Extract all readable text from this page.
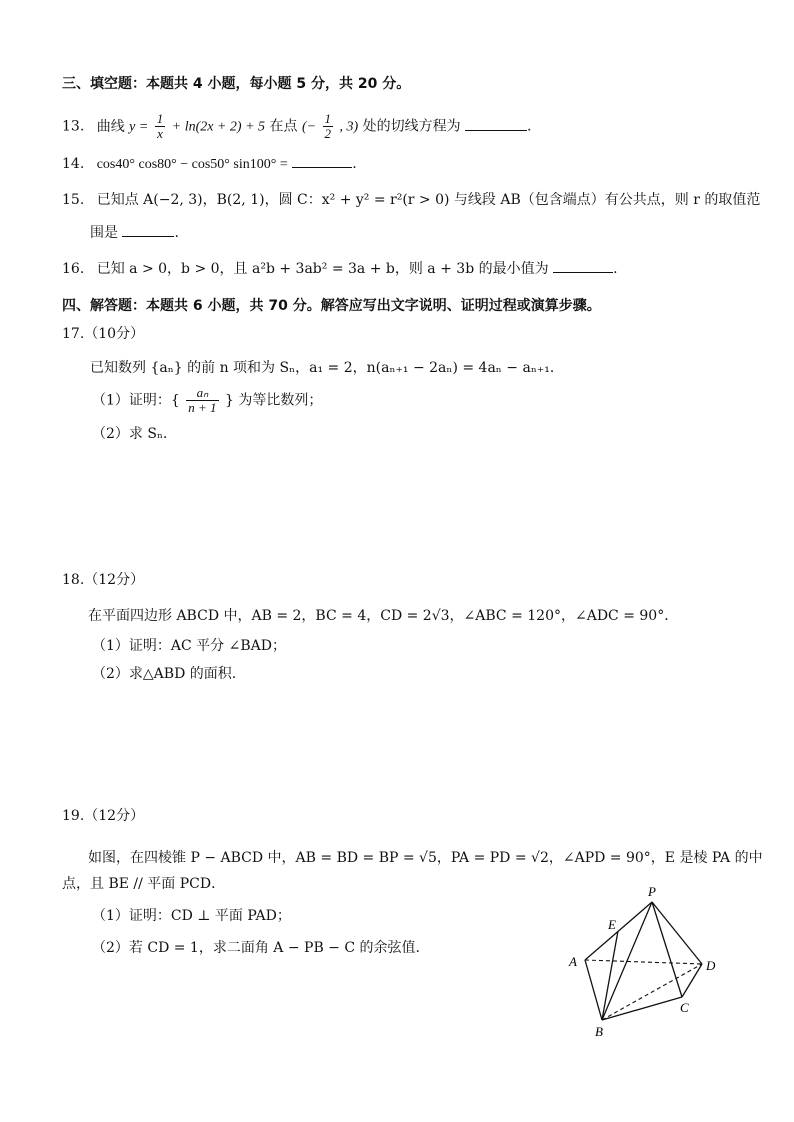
三、填空题：本题共 4 小题，每小题 5 分，共 20 分。
13. 曲线 $y = \frac{1}{x} + \ln(2x + 2) + 5$ 在点 (− $\frac{1}{2}$ , 3) 处的切线方程为	.
14. cos40° cos80° − cos50° sin100° =	.
15. 已知点 A(−2, 3)，B(2, 1)，圆 C：x² + y² = r²(r > 0) 与线段 AB（包含端点）有公共点，则 r 的取值范
围是	.
16. 已知 a > 0，b > 0，且 a²b + 3ab² = 3a + b，则 a + 3b 的最小值为	.
四、解答题：本题共 6 小题，共 70 分。解答应写出文字说明、证明过程或演算步骤。
17.（10分）
已知数列 {aₙ} 的前 n 项和为 Sₙ，a₁ = 2，n(aₙ₊₁ − 2aₙ) = 4aₙ − aₙ₊₁．
（1）证明：{ $\frac{\text{aₙ}}{n + 1}$ } 为等比数列；
（2）求 Sₙ．
18.（12分）
在平面四边形 ABCD 中，AB = 2，BC = 4，CD = 2√3，∠ABC = 120°，∠ADC = 90°．
（1）证明：AC 平分 ∠BAD；
（2）求△ABD 的面积.
19.（12分）
如图，在四棱锥 P − ABCD 中，AB = BD = BP = √5，PA = PD = √2，∠APD = 90°，E 是棱 PA 的中
点，且 BE // 平面 PCD．
（1）证明：CD ⊥ 平面 PAD；
（2）若 CD = 1，求二面角 A − PB − C 的余弦值.
P
E
A	D
B
C
